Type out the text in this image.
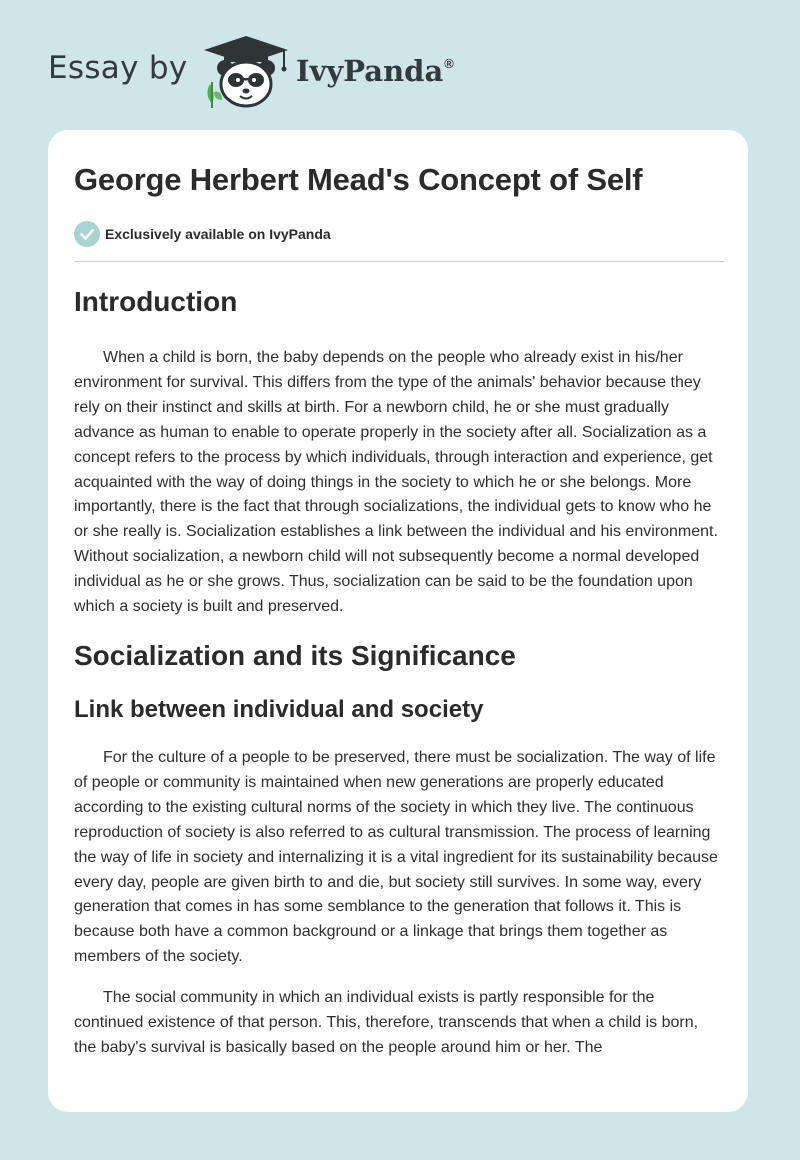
Essay by	IvyPanda®
George Herbert Mead's Concept of Self
Exclusively available on IvyPanda
Introduction

When a child is born, the baby depends on the people who already exist in his/her environment for survival. This differs from the type of the animals' behavior because they rely on their instinct and skills at birth. For a newborn child, he or she must gradually advance as human to enable to operate properly in the society after all. Socialization as a concept refers to the process by which individuals, through interaction and experience, get acquainted with the way of doing things in the society to which he or she belongs. More importantly, there is the fact that through socializations, the individual gets to know who he or she really is. Socialization establishes a link between the individual and his environment. Without socialization, a newborn child will not subsequently become a normal developed individual as he or she grows. Thus, socialization can be said to be the foundation upon which a society is built and preserved.

Socialization and its Significance
Link between individual and society

For the culture of a people to be preserved, there must be socialization. The way of life of people or community is maintained when new generations are properly educated according to the existing cultural norms of the society in which they live. The continuous reproduction of society is also referred to as cultural transmission. The process of learning the way of life in society and internalizing it is a vital ingredient for its sustainability because every day, people are given birth to and die, but society still survives. In some way, every generation that comes in has some semblance to the generation that follows it. This is because both have a common background or a linkage that brings them together as members of the society.

The social community in which an individual exists is partly responsible for the continued existence of that person. This, therefore, transcends that when a child is born, the baby's survival is basically based on the people around him or her. The
